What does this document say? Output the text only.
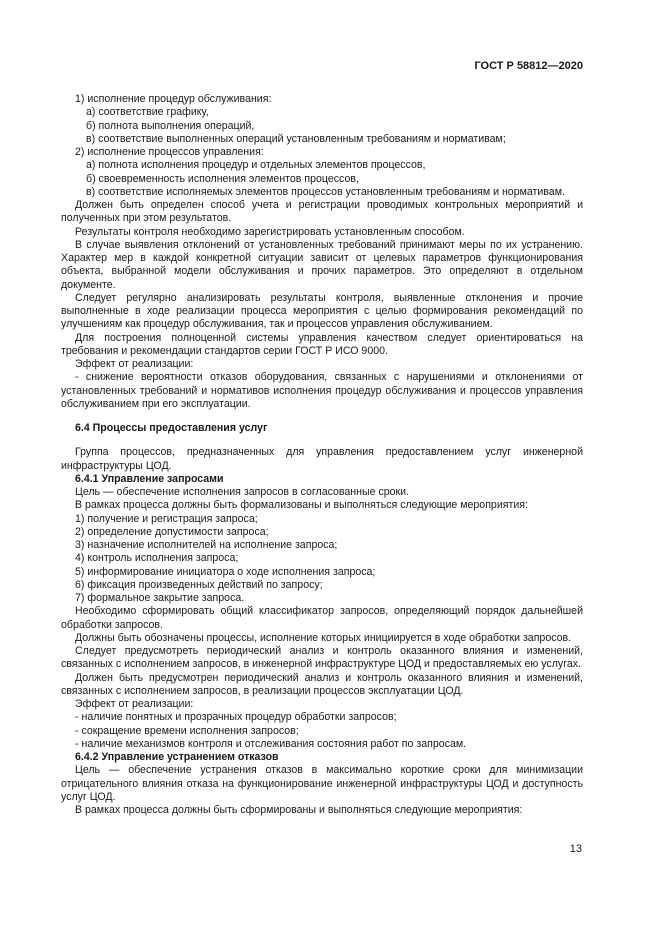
ГОСТ Р 58812—2020

1) исполнение процедур обслуживания:

а) соответствие графику,

б) полнота выполнения операций,

в) соответствие выполненных операций установленным требованиям и нормативам;

2) исполнение процессов управления:

а) полнота исполнения процедур и отдельных элементов процессов,

б) своевременность исполнения элементов процессов,

в) соответствие исполняемых элементов процессов установленным требованиям и нормативам.

Должен быть определен способ учета и регистрации проводимых контрольных мероприятий и полученных при этом результатов.

Результаты контроля необходимо зарегистрировать установленным способом.

В случае выявления отклонений от установленных требований принимают меры по их устранению. Характер мер в каждой конкретной ситуации зависит от целевых параметров функционирования объекта, выбранной модели обслуживания и прочих параметров. Это определяют в отдельном документе.

Следует регулярно анализировать результаты контроля, выявленные отклонения и прочие выполненные в ходе реализации процесса мероприятия с целью формирования рекомендаций по улучшениям как процедур обслуживания, так и процессов управления обслуживанием.

Для построения полноценной системы управления качеством следует ориентироваться на требования и рекомендации стандартов серии ГОСТ Р ИСО 9000.

Эффект от реализации:

- снижение вероятности отказов оборудования, связанных с нарушениями и отклонениями от установленных требований и нормативов исполнения процедур обслуживания и процессов управления обслуживанием при его эксплуатации.

6.4 Процессы предоставления услуг

Группа процессов, предназначенных для управления предоставлением услуг инженерной инфраструктуры ЦОД.

6.4.1 Управление запросами

Цель — обеспечение исполнения запросов в согласованные сроки.

В рамках процесса должны быть формализованы и выполняться следующие мероприятия:

1) получение и регистрация запроса;

2) определение допустимости запроса;

3) назначение исполнителей на исполнение запроса;

4) контроль исполнения запроса;

5) информирование инициатора о ходе исполнения запроса;

6) фиксация произведенных действий по запросу;

7) формальное закрытие запроса.

Необходимо сформировать общий классификатор запросов, определяющий порядок дальнейшей обработки запросов.

Должны быть обозначены процессы, исполнение которых инициируется в ходе обработки запросов.

Следует предусмотреть периодический анализ и контроль оказанного влияния и изменений, связанных с исполнением запросов, в инженерной инфраструктуре ЦОД и предоставляемых ею услугах.

Должен быть предусмотрен периодический анализ и контроль оказанного влияния и изменений, связанных с исполнением запросов, в реализации процессов эксплуатации ЦОД.

Эффект от реализации:

- наличие понятных и прозрачных процедур обработки запросов;

- сокращение времени исполнения запросов;

- наличие механизмов контроля и отслеживания состояния работ по запросам.

6.4.2 Управление устранением отказов

Цель — обеспечение устранения отказов в максимально короткие сроки для минимизации отрицательного влияния отказа на функционирование инженерной инфраструктуры ЦОД и доступность услуг ЦОД.

В рамках процесса должны быть сформированы и выполняться следующие мероприятия:

13
